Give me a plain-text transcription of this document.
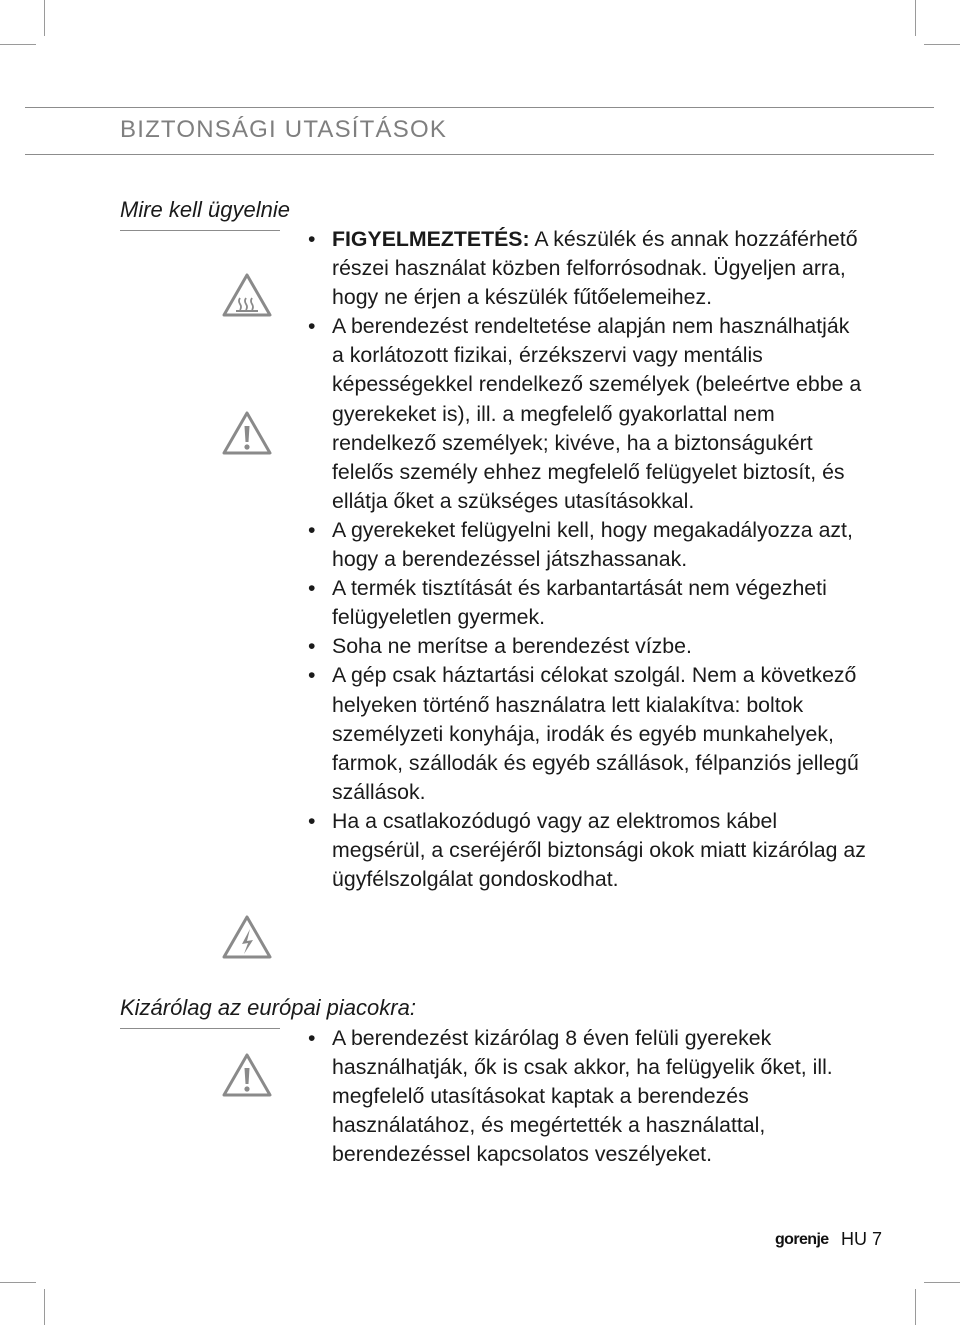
BIZTONSÁGI UTASÍTÁSOK
Mire kell ügyelnie
• FIGYELMEZTETÉS: A készülék és annak hozzáférhető részei használat közben felforrósodnak. Ügyeljen arra, hogy ne érjen a készülék fűtőelemeihez.
• A berendezést rendeltetése alapján nem használhatják a korlátozott fizikai, érzékszervi vagy mentális képességekkel rendelkező személyek (beleértve ebbe a gyerekeket is), ill. a megfelelő gyakorlattal nem rendelkező személyek; kivéve, ha a biztonságukért felelős személy ehhez megfelelő felügyelet biztosít, és ellátja őket a szükséges utasításokkal.
• A gyerekeket felügyelni kell, hogy megakadályozza azt, hogy a berendezéssel játszhassanak.
• A termék tisztítását és karbantartását nem végezheti felügyeletlen gyermek.
• Soha ne merítse a berendezést vízbe.
• A gép csak háztartási célokat szolgál. Nem a következő helyeken történő használatra lett kialakítva: boltok személyzeti konyhája, irodák és egyéb munkahelyek, farmok, szállodák és egyéb szállások, félpanziós jellegű szállások.
• Ha a csatlakozódugó vagy az elektromos kábel megsérül, a cseréjéről biztonsági okok miatt kizárólag az ügyfélszolgálat gondoskodhat.
Kizárólag az európai piacokra:
• A berendezést kizárólag 8 éven felüli gyerekek használhatják, ők is csak akkor, ha felügyelik őket, ill. megfelelő utasításokat kaptak a berendezés használatához, és megértették a használattal, berendezéssel kapcsolatos veszélyeket.
gorenje HU 7
